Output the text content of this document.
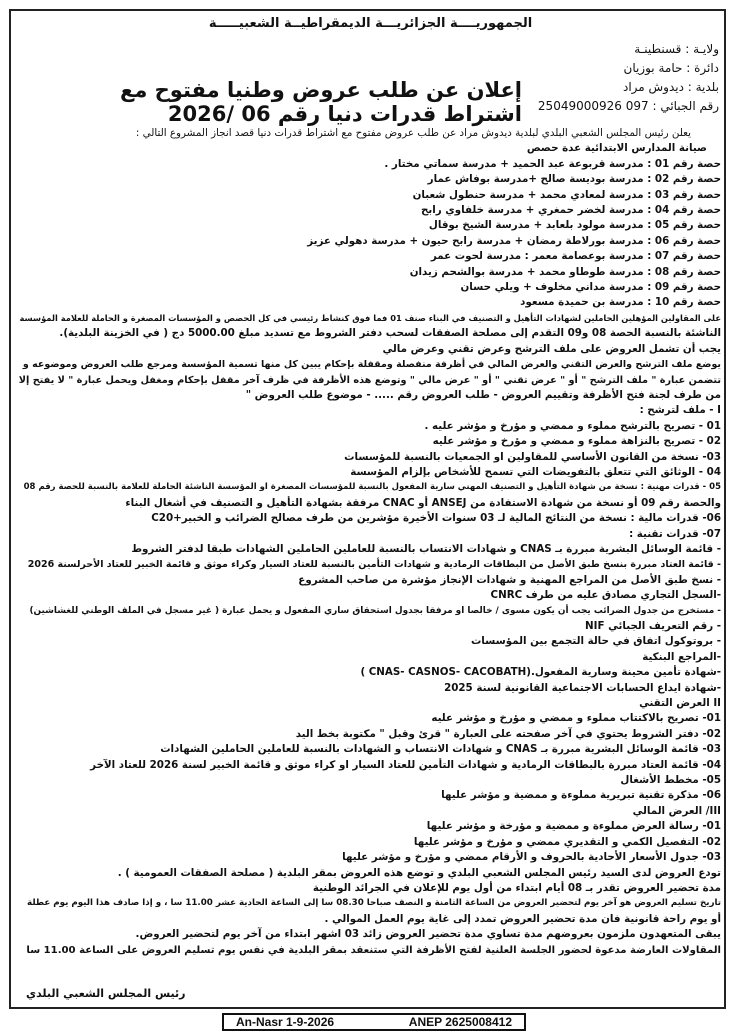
الجمهوريــــة الجزائريـــة الديمقراطيــة الشعبيـــــة
ولايـة : قسنطينـة
دائرة : حامة بوزيان
بلدية : ديدوش مراد
رقم الجبائي : 097 25049000926
إعلان عن طلب عروض وطنيا مفتوح مع اشتراط قدرات دنيا رقم 06 /2026
يعلن رئيس المجلس الشعبي البلدي لبلدية ديدوش مراد عن طلب عروض مفتوح مع اشتراط قدرات دنيا قصد انجاز المشروع التالي :
صيانة المدارس الابتدائية عدة حصص
حصة رقم 01 : مدرسة قربوعة عبد الحميد + مدرسة سماتي مختار .
حصة رقم 02 : مدرسة بوديسة صالح +مدرسة بوفاش عمار
حصة رقم 03 : مدرسة لمعادي محمد + مدرسة حنطول شعبان
حصة رقم 04 : مدرسة لخضر حمغري + مدرسة خلفاوي رابح
حصة رقم 05 : مدرسة مولود بلعابد + مدرسة الشيخ بوقال
حصة رقم 06 : مدرسة بورلاطة رمضان + مدرسة رابح حيون + مدرسة دهولي عزيز
حصة رقم 07 : مدرسة بوعصامة معمر : مدرسة لحوت عمر
حصة رقم 08 : مدرسة طوطاو محمد + مدرسة بوالشحم زيدان
حصة رقم 09 : مدرسة مداني مخلوف + ويلي حسان
حصة رقم 10 : مدرسة بن حميدة مسعود
على المقاولين المؤهلين الحاملين لشهادات التأهيل و التصنيف في البناء صنف 01 فما فوق كنشاط رئيسي في كل الحصص و المؤسسات المصغرة و الحاملة للعلامة المؤسسة
الناشئة بالنسبة الحصة 08 و09 التقدم إلى مصلحة الصفقات لسحب دفتر الشروط مع تسديد مبلغ 5000.00 دج ( في الخزينة البلدية).
يجب أن تشمل العروض على ملف الترشح وعرض تقني وعرض مالي
يوضع ملف الترشح والعرض التقني والعرض المالي في أظرفة منفصلة ومقفلة بإحكام يبين كل منها تسمية المؤسسة ومرجع طلب العروض وموضوعه و
تتضمن عبارة " ملف الترشح " أو " عرض تقني " أو " عرض مالي " وتوضع هذه الأظرفة في ظرف آخر مقفل بإحكام ومغفل ويحمل عبارة " لا يفتح إلا
من طرف لجنة فتح الأظرفة وتقييم العروض - طلب العروض رقم ..... - موضوع طلب العروض "
I - ملف لترشح :
01 - تصريح بالترشح مملوء و ممضي و مؤرخ و مؤشر عليه .
02 - تصريح بالنزاهة مملوء و ممضي و مؤرخ و مؤشر عليه
03- نسخة من القانون الأساسي للمقاولين او الجمعيات بالنسبة للمؤسسات
04 - الوثائق التي تتعلق بالتفويضات التي تسمح للأشخاص بإلزام المؤسسة
05 - قدرات مهنية : نسخة من شهادة التأهيل و التصنيف المهني سارية المفعول بالنسبة للمؤسسات المصغرة او المؤسسة الناشئة الحاملة للعلامة بالنسبة للحصة رقم 08
والحصة رقم 09 أو نسخة من شهادة الاستفادة من ANSEJ أو CNAC مرفقة بشهادة التأهيل و التصنيف في أشغال البناء
06- قدرات مالية : نسخة من النتائج المالية لـ 03 سنوات الأخيرة مؤشرين من طرف مصالح الضرائب و الخبير+C20
07- قدرات تقنية :
- قائمة الوسائل البشرية مبررة بـ CNAS و شهادات الانتساب بالنسبة للعاملين الحاملين الشهادات طبقا لدفتر الشروط
- قائمة العتاد مبررة بنسخ طبق الأصل من البطاقات الرمادية و شهادات التأمين بالنسبة للعتاد السيار وكراء موثق و قائمة الخبير للعتاد الأحرلسنة 2026
- نسخ طبق الأصل من المراجع المهنية و شهادات الإنجاز مؤشرة من صاحب المشروع
-السجل التجاري مصادق عليه من طرف CNRC
- مستخرج من جدول الضرائب يجب أن يكون مسوى / خالصا او مرفقا بجدول استحقاق ساري المفعول و يحمل عبارة ( غير مسجل في الملف الوطني للغشاشين)
- رقم التعريف الجبائي NIF
- بروتوكول اتفاق في حالة التجمع بين المؤسسات
-المراجع البنكية
-شهادة تأمين محينة وسارية المفعول.(CNAS- CASNOS- CACOBATH )
-شهادة ايداع الحسابات الاجتماعية القانونية لسنة 2025
II العرض التقني
01- تصريح بالاكتتاب مملوء و ممضي و مؤرخ و مؤشر عليه
02- دفتر الشروط يحتوي في آخر صفحته على العبارة " قرئ وقبل " مكتوبة بخط اليد
03- قائمة الوسائل البشرية مبررة بـ CNAS و شهادات الانتساب و الشهادات بالنسبة للعاملين الحاملين الشهادات
04- قائمة العتاد مبررة بالبطاقات الرمادية و شهادات التأمين للعتاد السيار او كراء موثق و قائمة الخبير لسنة 2026 للعتاد الآخر
05- مخطط الأشغال
06- مذكرة تقنية تبريرية مملوءة و ممضية و مؤشر عليها
III/ العرض المالي
01- رسالة العرض مملوءة و ممضية و مؤرخة و مؤشر عليها
02- التفصيل الكمي و التقديري ممضي و مؤرخ و مؤشر عليها
03- جدول الأسعار الأحادية بالحروف و الأرقام ممضي و مؤرخ و مؤشر عليها
تودع العروض لدى السيد رئيس المجلس الشعبي البلدي و توضع هذه العروض بمقر البلدية ( مصلحة الصفقات العمومية ) .
مدة تحضير العروض تقدر بـ 08 أيام ابتداء من أول يوم للإعلان في الجرائد الوطنية
تاريخ تسليم العروض هو آخر يوم لتحضير العروض من الساعة الثامنة و النصف صباحا 08.30 سا إلى الساعة الحادية عشر 11.00 سا ، و إذا صادف هذا اليوم يوم عطلة
أو يوم راحة قانونية فان مدة تحضير العروض تمدد إلى غاية يوم العمل الموالي .
يبقى المتعهدون ملزمون بعروضهم مدة تساوي مدة تحضير العروض زائد 03 اشهر ابتداء من آخر يوم لتحضير العروض.
المقاولات العارضة مدعوة لحضور الجلسة العلنية لفتح الأظرفة التي ستنعقد بمقر البلدية في نفس يوم تسليم العروض على الساعة 11.00 سا
رئيس المجلس الشعبي البلدي
An-Nasr 1-9-2026	ANEP 2625008412
